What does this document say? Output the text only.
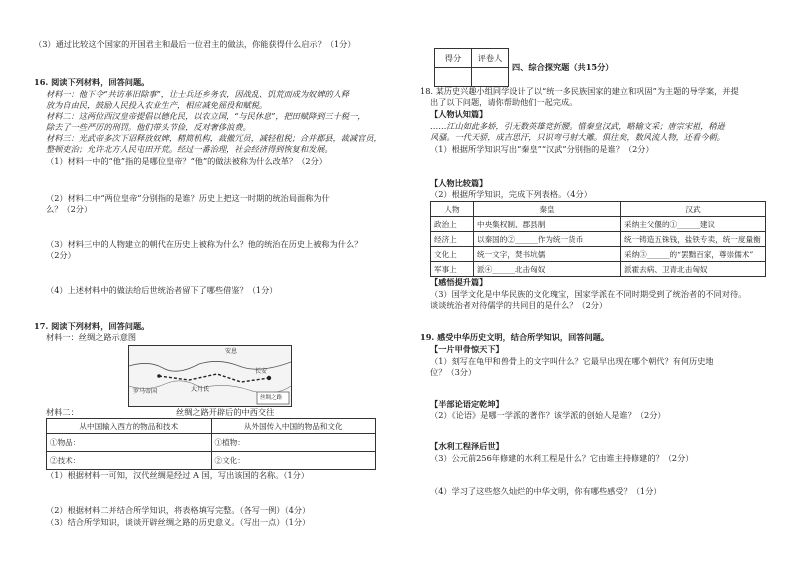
（3）通过比较这个国家的开国君主和最后一位君主的做法，你能获得什么启示？（1分）
16. 阅读下列材料，回答问题。
材料一：他下令“共访革旧除事”，让士兵还乡务农，因战乱、饥荒而成为奴婢的人释
放为自由民，鼓励人民投入农业生产，相应减免徭役和赋税。
材料二：这两位西汉皇帝提倡以德化民，以农立国，“与民休息”，把田赋降到三十税一，
除去了一些严厉的刑罚。他们带头节俭，反对奢侈浪费。
材料三：光武帝多次下诏释放奴婢，精简机构，裁撤冗员，减轻租税；合并郡县，裁减官员，
整顿吏治；允许北方人民屯田开荒。经过一番治理，社会经济得到恢复和发展。
（1）材料一中的“他”指的是哪位皇帝？“他”的做法被称为什么改革？（2分）
（2）材料二中“两位皇帝”分别指的是谁？历史上把这一时期的统治局面称为什
么？（2分）
（3）材料三中的人物建立的朝代在历史上被称为什么？他的统治在历史上被称为什么？
（2分）
（4）上述材料中的做法给后世统治者留下了哪些借鉴？（1分）
17. 阅读下列材料，回答问题。
材料一：丝绸之路示意图
安息
大月氏
长安
罗马帝国
丝绸之路
材料二：	丝绸之路开辟后的中西交往
从中国输入西方的物品和技术	从外国传入中国的物品和文化
①物品：	①植物：
②技术：	②文化：
（1）根据材料一可知，汉代丝绸是经过 A 国，写出该国的名称。（1分）
（2）根据材料二并结合所学知识，将表格填写完整。（各写一例）（4分）
（3）结合所学知识，谈谈开辟丝绸之路的历史意义。（写出一点）（1分）
得分	评卷人

四、综合探究题（共15分）
18. 某历史兴趣小组同学设计了以“统一多民族国家的建立和巩固”为主题的导学案，并提
出了以下问题，请你帮助他们一起完成。
【人物认知篇】
……江山如此多娇，引无数英雄竞折腰。惜秦皇汉武，略输文采；唐宗宋祖，稍逊
风骚。一代天骄，成吉思汗，只识弯弓射大雕。俱往矣，数风流人物，还看今朝。
（1）根据所学知识写出“秦皇”“汉武”分别指的是谁？（2分）
【人物比较篇】
（2）根据所学知识，完成下列表格。（4分）
人物	秦皇	汉武
政治上	中央集权制、郡县制	采纳主父偃的①______建议
经济上	以秦国的②______作为统一货币	统一铸造五铢钱，盐铁专卖，统一度量衡
文化上	统一文字，焚书坑儒	采纳③______的“罢黜百家，尊崇儒术”
军事上	派④______北击匈奴	派霍去病、卫青北击匈奴
【感悟提升篇】
（3）国学文化是中华民族的文化瑰宝，国家学派在不同时期受到了统治者的不同对待。
谈谈统治者对待儒学的共同目的是什么？（2分）
19. 感受中华历史文明，结合所学知识，回答问题。
【一片甲骨惊天下】
（1）刻写在龟甲和兽骨上的文字叫什么？它最早出现在哪个朝代？有何历史地
位？（3分）
【半部论语定乾坤】
（2）《论语》是哪一学派的著作？该学派的创始人是谁？（2分）
【水利工程泽后世】
（3）公元前256年修建的水利工程是什么？它由谁主持修建的？（2分）
（4）学习了这些悠久灿烂的中华文明，你有哪些感受？（1分）
